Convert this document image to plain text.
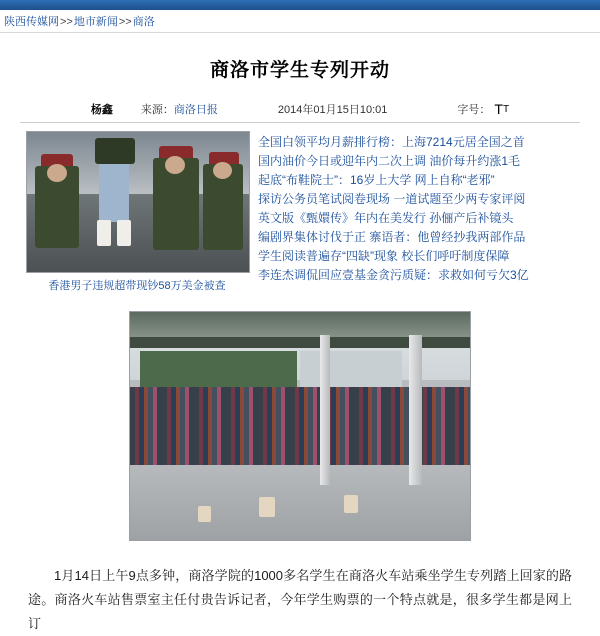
陕西传媒网>>地市新闻>>商洛
商洛市学生专列开动
杨鑫	来源：商洛日报	2014年01月15日10:01	字号： T T
香港男子违规超带现钞58万美金被查
全国白领平均月薪排行榜：上海7214元居全国之首
国内油价今日或迎年内二次上调 油价每升约涨1毛
起底“布鞋院士”：16岁上大学 网上自称“老邪”
探访公务员笔试阅卷现场 一道试题至少两专家评阅
英文版《甄嬛传》年内在美发行 孙俪产后补镜头
编剧界集体讨伐于正 寨语者：他曾经抄我两部作品
学生阅读普遍存“四缺”现象 校长们呼吁制度保障
李连杰调侃回应壹基金贪污质疑：求救如何亏欠3亿
1月14日上午9点多钟，商洛学院的1000多名学生在商洛火车站乘坐学生专列踏上回家的路途。商洛火车站售票室主任付贵告诉记者，今年学生购票的一个特点就是，很多学生都是网上订
